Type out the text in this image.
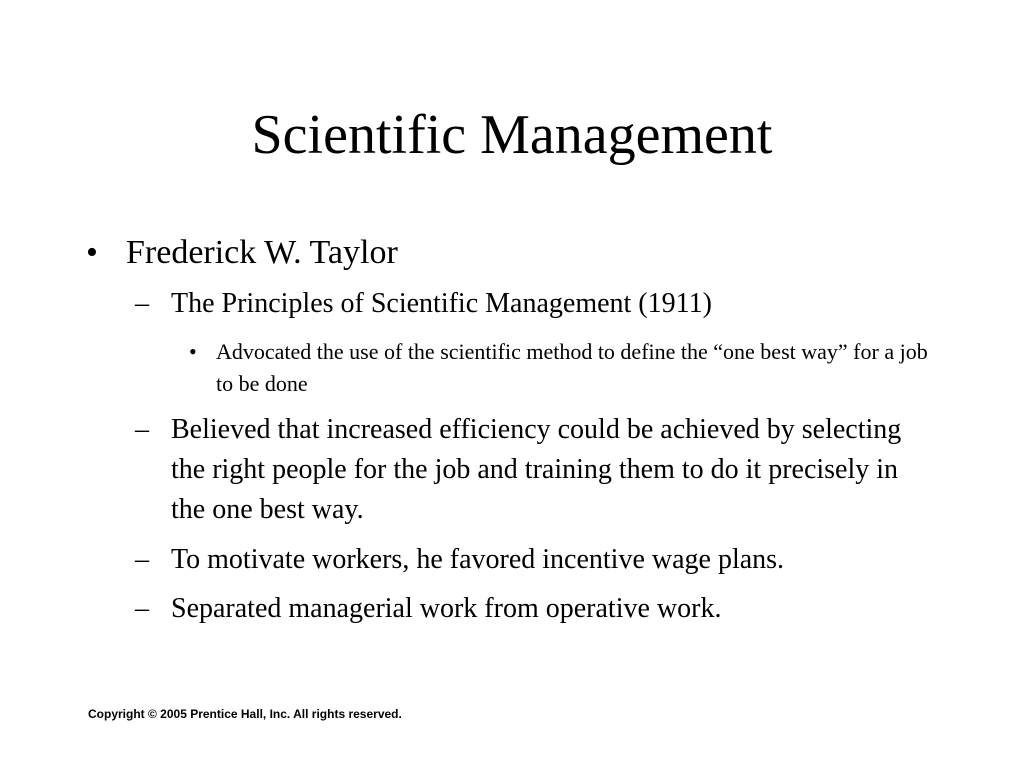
Scientific Management
• Frederick W. Taylor
– The Principles of Scientific Management (1911)
• Advocated the use of the scientific method to define the “one best way” for a job to be done
– Believed that increased efficiency could be achieved by selecting the right people for the job and training them to do it precisely in the one best way.
– To motivate workers, he favored incentive wage plans.
– Separated managerial work from operative work.
Copyright © 2005 Prentice Hall, Inc. All rights reserved.
